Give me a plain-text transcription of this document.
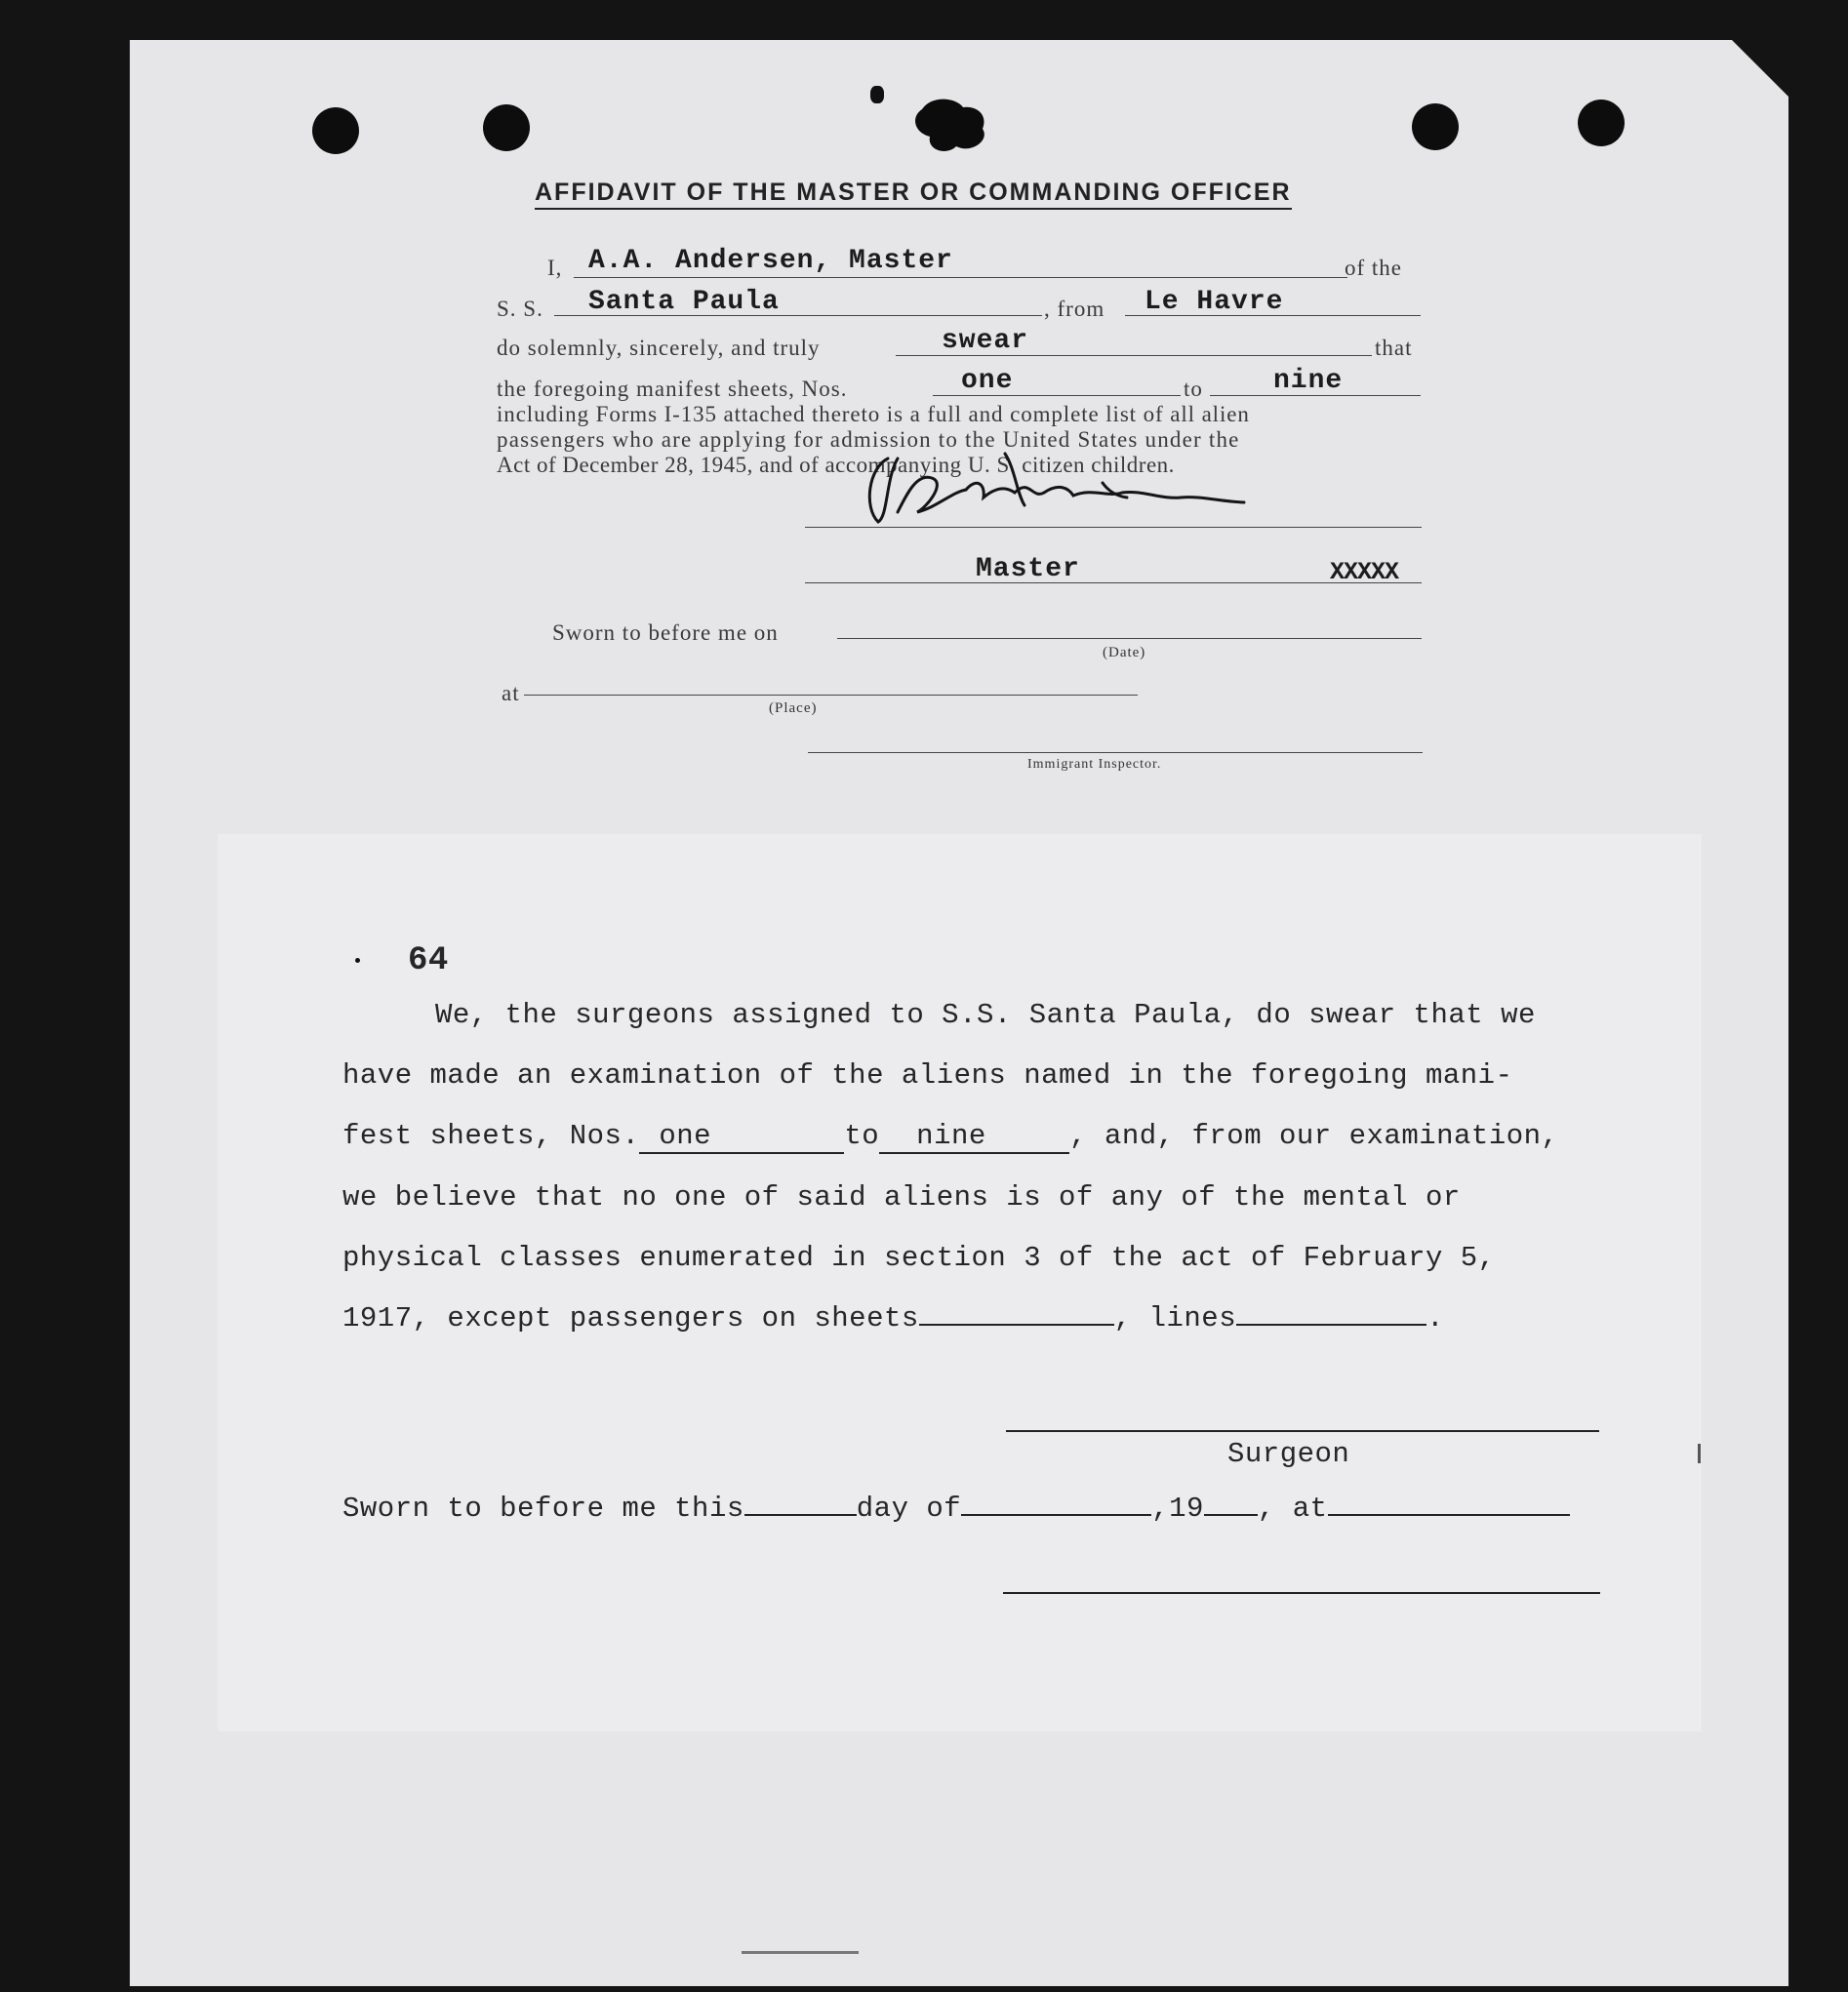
AFFIDAVIT OF THE MASTER OR COMMANDING OFFICER
I, A.A. Andersen, Master	of the
S. S. Santa Paula	, from Le Havre
do solemnly, sincerely, and truly	swear	that
the foregoing manifest sheets, Nos.	one	to	nine
including Forms I-135 attached thereto is a full and complete list of all alien
passengers who are applying for admission to the United States under the
Act of December 28, 1945, and of accompanying U. S. citizen children.
Master	XXXXX
Sworn to before me on
(Date)
at
(Place)
Immigrant Inspector.
64
We, the surgeons assigned to S.S. Santa Paula, do swear that we
have made an examination of the aliens named in the foregoing mani-
fest sheets, Nos. one	to nine	, and, from our examination,
we believe that no one of said aliens is of any of the mental or
physical classes enumerated in section 3 of the act of February 5,
1917, except passengers on sheets	, lines	.
Surgeon
Sworn to before me this	day of	,19 , at
